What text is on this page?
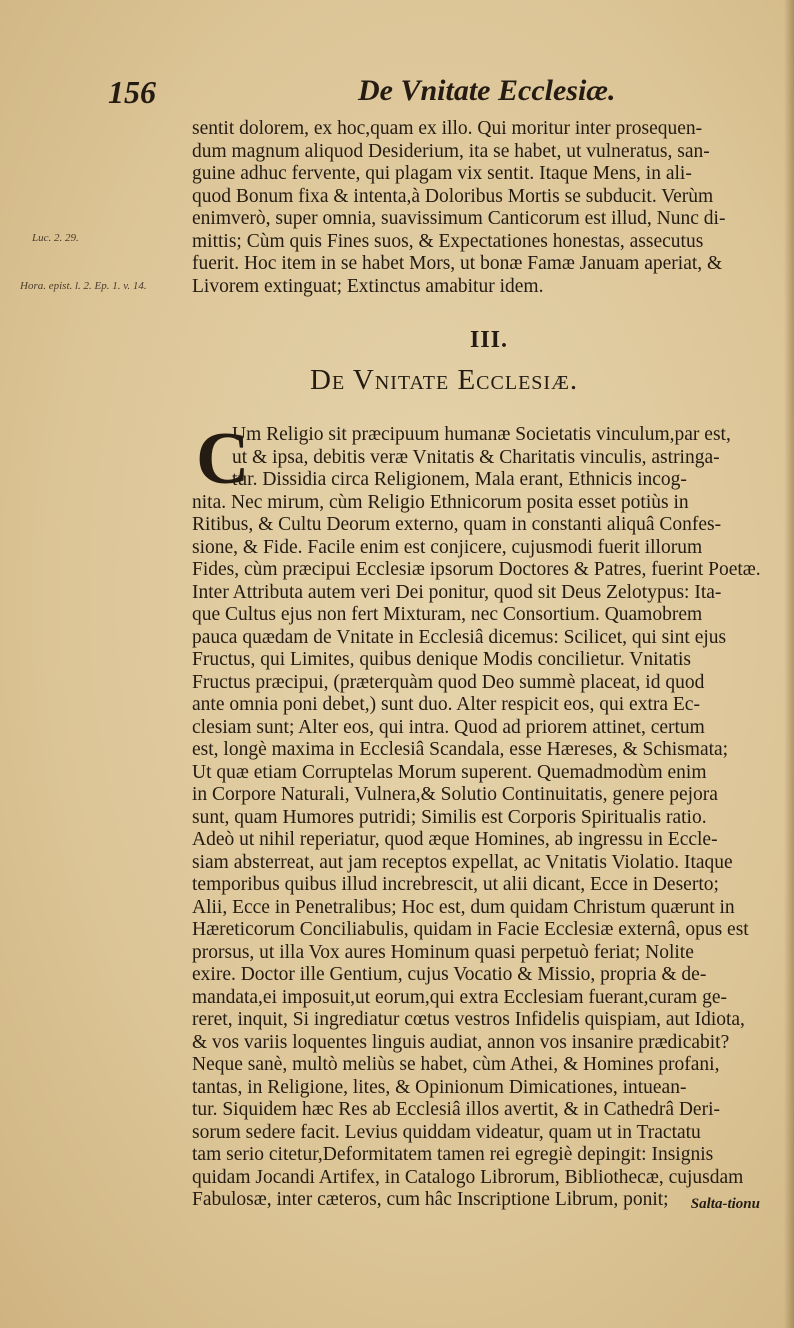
156	De Vnitate Ecclesiæ.
Luc. 2. 29.
Hora. epist. l. 2. Ep. 1. v. 14.
sentit dolorem, ex hoc,quam ex illo. Qui moritur inter prosequen-
dum magnum aliquod Desiderium, ita se habet, ut vulneratus, san-
guine adhuc fervente, qui plagam vix sentit. Itaque Mens, in ali-
quod Bonum fixa & intenta,à Doloribus Mortis se subducit. Verùm
enimverò, super omnia, suavissimum Canticorum est illud, Nunc di-
mittis; Cùm quis Fines suos, & Expectationes honestas, assecutus
fuerit. Hoc item in se habet Mors, ut bonæ Famæ Januam aperiat, &
Livorem extinguat; Extinctus amabitur idem.
III.
De Vnitate Ecclesiæ.
C
Um Religio sit præcipuum humanæ Societatis vinculum,par est,
ut & ipsa, debitis veræ Vnitatis & Charitatis vinculis, astringa-
tur. Dissidia circa Religionem, Mala erant, Ethnicis incog-
nita. Nec mirum, cùm Religio Ethnicorum posita esset potiùs in
Ritibus, & Cultu Deorum externo, quam in constanti aliquâ Confes-
sione, & Fide. Facile enim est conjicere, cujusmodi fuerit illorum
Fides, cùm præcipui Ecclesiæ ipsorum Doctores & Patres, fuerint Poetæ.
Inter Attributa autem veri Dei ponitur, quod sit Deus Zelotypus: Ita-
que Cultus ejus non fert Mixturam, nec Consortium. Quamobrem
pauca quædam de Vnitate in Ecclesiâ dicemus: Scilicet, qui sint ejus
Fructus, qui Limites, quibus denique Modis concilietur. Vnitatis
Fructus præcipui, (præterquàm quod Deo summè placeat, id quod
ante omnia poni debet,) sunt duo. Alter respicit eos, qui extra Ec-
clesiam sunt; Alter eos, qui intra. Quod ad priorem attinet, certum
est, longè maxima in Ecclesiâ Scandala, esse Hæreses, & Schismata;
Ut quæ etiam Corruptelas Morum superent. Quemadmodùm enim
in Corpore Naturali, Vulnera,& Solutio Continuitatis, genere pejora
sunt, quam Humores putridi; Similis est Corporis Spiritualis ratio.
Adeò ut nihil reperiatur, quod æque Homines, ab ingressu in Eccle-
siam absterreat, aut jam receptos expellat, ac Vnitatis Violatio. Itaque
temporibus quibus illud increbrescit, ut alii dicant, Ecce in Deserto;
Alii, Ecce in Penetralibus; Hoc est, dum quidam Christum quærunt in
Hæreticorum Conciliabulis, quidam in Facie Ecclesiæ externâ, opus est
prorsus, ut illa Vox aures Hominum quasi perpetuò feriat; Nolite
exire. Doctor ille Gentium, cujus Vocatio & Missio, propria & de-
mandata,ei imposuit,ut eorum,qui extra Ecclesiam fuerant,curam ge-
reret, inquit, Si ingrediatur cœtus vestros Infidelis quispiam, aut Idiota,
& vos variis loquentes linguis audiat, annon vos insanire prædicabit?
Neque sanè, multò meliùs se habet, cùm Athei, & Homines profani,
tantas, in Religione, lites, & Opinionum Dimicationes, intuean-
tur. Siquidem hæc Res ab Ecclesiâ illos avertit, & in Cathedrâ Deri-
sorum sedere facit. Levius quiddam videatur, quam ut in Tractatu
tam serio citetur,Deformitatem tamen rei egregiè depingit: Insignis
quidam Jocandi Artifex, in Catalogo Librorum, Bibliothecæ, cujusdam
Fabulosæ, inter cæteros, cum hâc Inscriptione Librum, ponit;	Salta-tionu
